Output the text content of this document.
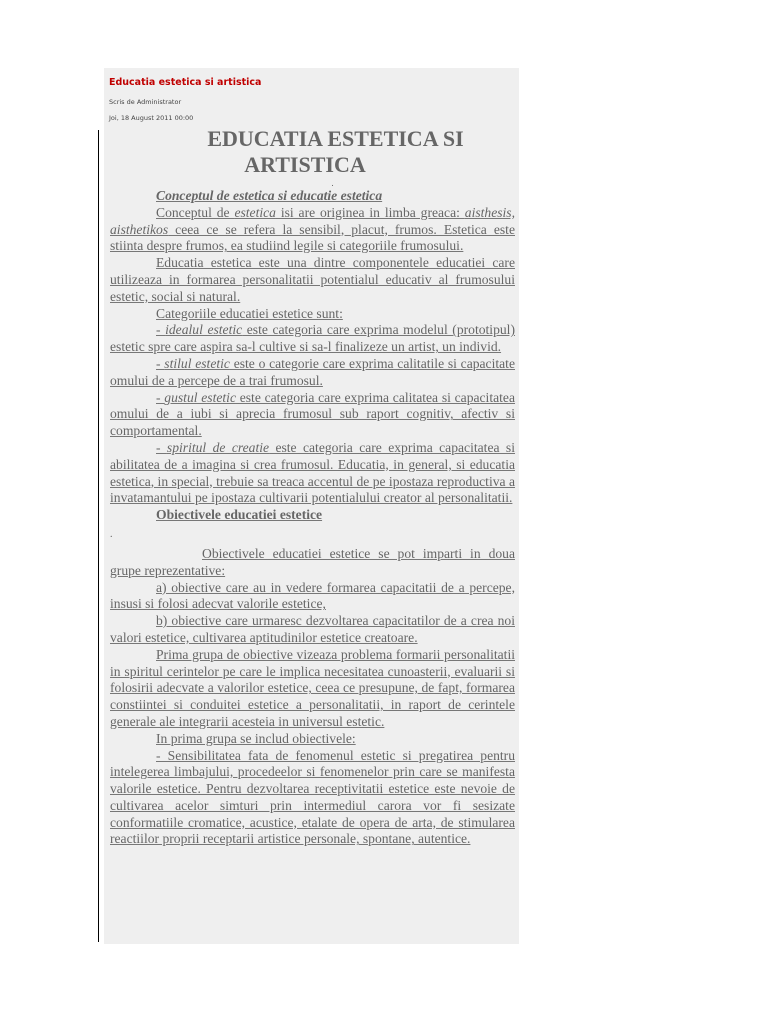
Educatia estetica si artistica
Scris de Administrator
Joi, 18 August 2011 00:00
EDUCATIA ESTETICA SI
ARTISTICA
.

Conceptul de estetica si educatie estetica

Conceptul de estetica isi are originea in limba greaca: aisthesis, aisthetikos ceea ce se refera la sensibil, placut, frumos. Estetica este stiinta despre frumos, ea studiind legile si categoriile frumosului.

Educatia estetica este una dintre componentele educatiei care utilizeaza in formarea personalitatii potentialul educativ al frumosului estetic, social si natural.

Categoriile educatiei estetice sunt:

- idealul estetic este categoria care exprima modelul (prototipul) estetic spre care aspira sa-l cultive si sa-l finalizeze un artist, un individ.

- stilul estetic este o categorie care exprima calitatile si capacitate omului de a percepe de a trai frumosul.

- gustul estetic este categoria care exprima calitatea si capacitatea omului de a iubi si aprecia frumosul sub raport cognitiv, afectiv si comportamental.

- spiritul de creatie este categoria care exprima capacitatea si abilitatea de a imagina si crea frumosul. Educatia, in general, si educatia estetica, in special, trebuie sa treaca accentul de pe ipostaza reproductiva a invatamantului pe ipostaza cultivarii potentialului creator al personalitatii.

Obiectivele educatiei estetice

.

Obiectivele educatiei estetice se pot imparti in doua grupe reprezentative:

a) obiective care au in vedere formarea capacitatii de a percepe, insusi si folosi adecvat valorile estetice,

b) obiective care urmaresc dezvoltarea capacitatilor de a crea noi valori estetice, cultivarea aptitudinilor estetice creatoare.

Prima grupa de obiective vizeaza problema formarii personalitatii in spiritul cerintelor pe care le implica necesitatea cunoasterii, evaluarii si folosirii adecvate a valorilor estetice, ceea ce presupune, de fapt, formarea constiintei si conduitei estetice a personalitatii, in raport de cerintele generale ale integrarii acesteia in universul estetic.

In prima grupa se includ obiectivele:

- Sensibilitatea fata de fenomenul estetic si pregatirea pentru intelegerea limbajului, procedeelor si fenomenelor prin care se manifesta valorile estetice. Pentru dezvoltarea receptivitatii estetice este nevoie de cultivarea acelor simturi prin intermediul carora vor fi sesizate conformatiile cromatice, acustice, etalate de opera de arta, de stimularea reactiilor proprii receptarii artistice personale, spontane, autentice.
